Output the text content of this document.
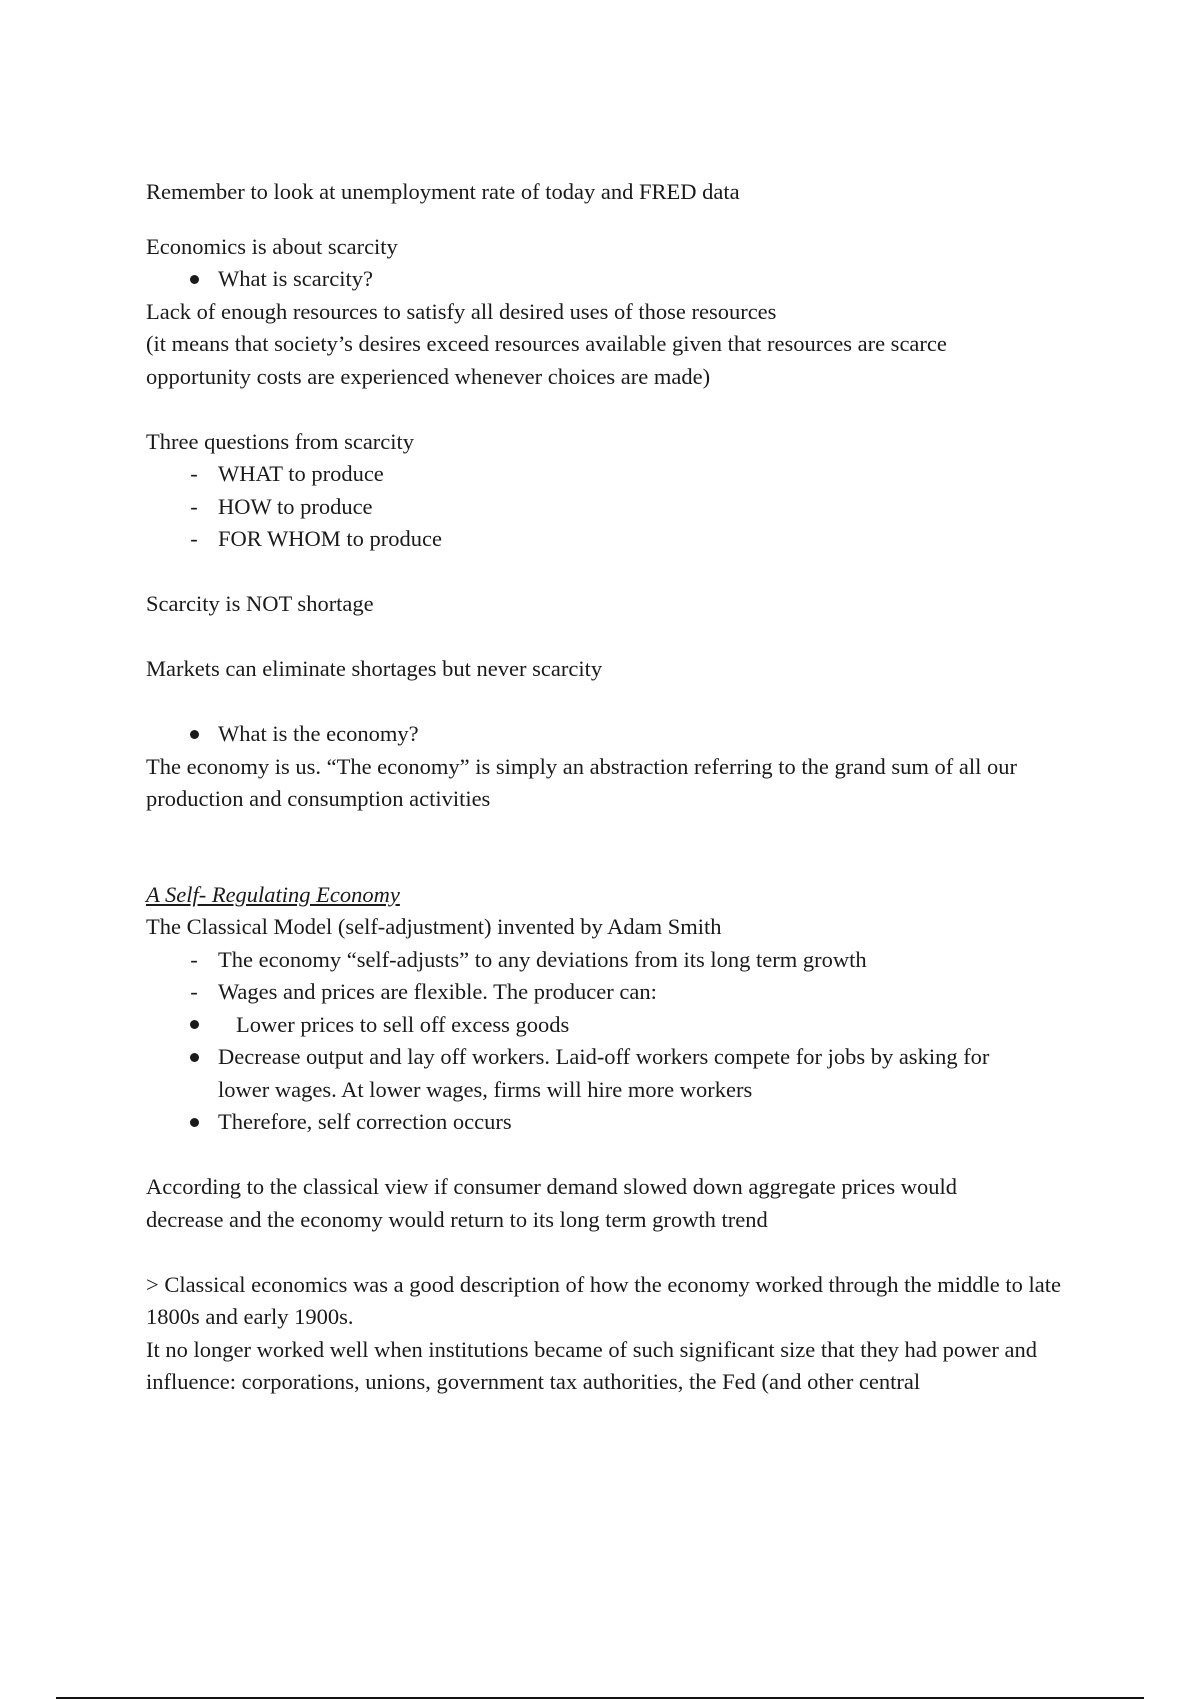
Remember to look at unemployment rate of today and FRED data
Economics is about scarcity
What is scarcity?
Lack of enough resources to satisfy all desired uses of those resources
(it means that society’s desires exceed resources available given that resources are scarce opportunity costs are experienced whenever choices are made)
Three questions from scarcity
- WHAT to produce
- HOW to produce
- FOR WHOM to produce
Scarcity is NOT shortage
Markets can eliminate shortages but never scarcity
What is the economy?
The economy is us. “The economy” is simply an abstraction referring to the grand sum of all our production and consumption activities
A Self- Regulating Economy
The Classical Model (self-adjustment) invented by Adam Smith
- The economy “self-adjusts” to any deviations from its long term growth
- Wages and prices are flexible. The producer can:
Lower prices to sell off excess goods
Decrease output and lay off workers. Laid-off workers compete for jobs by asking for lower wages. At lower wages, firms will hire more workers
Therefore, self correction occurs
According to the classical view if consumer demand slowed down aggregate prices would decrease and the economy would return to its long term growth trend
> Classical economics was a good description of how the economy worked through the middle to late 1800s and early 1900s.
It no longer worked well when institutions became of such significant size that they had power and influence: corporations, unions, government tax authorities, the Fed (and other central
